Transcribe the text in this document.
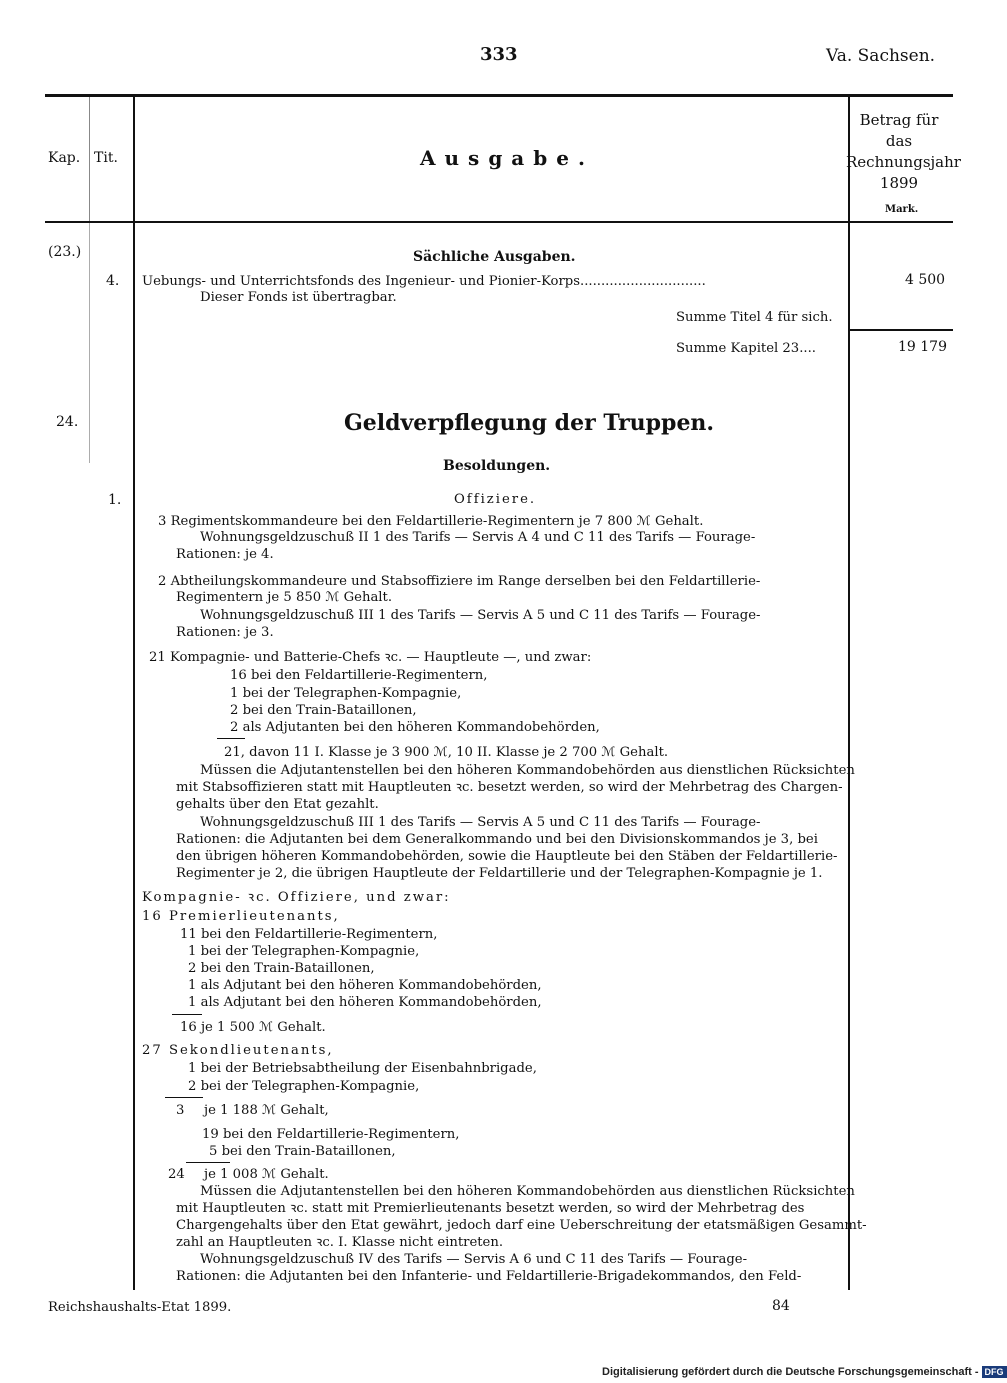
333	Va. Sachsen.
Kap. Tit.	Ausgabe.
Betrag für das Rechnungsjahr 1899
Mark.
(23.)	Sächliche Ausgaben.
4. Uebungs- und Unterrichtsfonds des Ingenieur- und Pionier-Korps..............................	4 500
Dieser Fonds ist übertragbar.
Summe Titel 4 für sich.
Summe Kapitel 23....	19 179
24.	Geldverpflegung der Truppen.
Besoldungen.
1.	Offiziere.
3 Regimentskommandeure bei den Feldartillerie-Regimentern je 7 800 ℳ Gehalt.
Wohnungsgeldzuschuß II 1 des Tarifs — Servis A 4 und C 11 des Tarifs — Fourage-
Rationen: je 4.
2 Abtheilungskommandeure und Stabsoffiziere im Range derselben bei den Feldartillerie-
Regimentern je 5 850 ℳ Gehalt.
Wohnungsgeldzuschuß III 1 des Tarifs — Servis A 5 und C 11 des Tarifs — Fourage-
Rationen: je 3.
21 Kompagnie- und Batterie-Chefs ꝛc. — Hauptleute —, und zwar:
16 bei den Feldartillerie-Regimentern,
1 bei der Telegraphen-Kompagnie,
2 bei den Train-Bataillonen,
2 als Adjutanten bei den höheren Kommandobehörden,
21, davon 11 I. Klasse je 3 900 ℳ, 10 II. Klasse je 2 700 ℳ Gehalt.
Müssen die Adjutantenstellen bei den höheren Kommandobehörden aus dienstlichen Rücksichten
mit Stabsoffizieren statt mit Hauptleuten ꝛc. besetzt werden, so wird der Mehrbetrag des Chargen-
gehalts über den Etat gezahlt.
Wohnungsgeldzuschuß III 1 des Tarifs — Servis A 5 und C 11 des Tarifs — Fourage-
Rationen: die Adjutanten bei dem Generalkommando und bei den Divisionskommandos je 3, bei
den übrigen höheren Kommandobehörden, sowie die Hauptleute bei den Stäben der Feldartillerie-
Regimenter je 2, die übrigen Hauptleute der Feldartillerie und der Telegraphen-Kompagnie je 1.
Kompagnie- ꝛc. Offiziere, und zwar:
16 Premierlieutenants,
11 bei den Feldartillerie-Regimentern,
1 bei der Telegraphen-Kompagnie,
2 bei den Train-Bataillonen,
1 als Adjutant bei den höheren Kommandobehörden,
1 als Adjutant bei den höheren Kommandobehörden,
16 je 1 500 ℳ Gehalt.
27 Sekondlieutenants,
1 bei der Betriebsabtheilung der Eisenbahnbrigade,
2 bei der Telegraphen-Kompagnie,
3 je 1 188 ℳ Gehalt,
19 bei den Feldartillerie-Regimentern,
5 bei den Train-Bataillonen,
24 je 1 008 ℳ Gehalt.
Müssen die Adjutantenstellen bei den höheren Kommandobehörden aus dienstlichen Rücksichten
mit Hauptleuten ꝛc. statt mit Premierlieutenants besetzt werden, so wird der Mehrbetrag des
Chargengehalts über den Etat gewährt, jedoch darf eine Ueberschreitung der etatsmäßigen Gesammt-
zahl an Hauptleuten ꝛc. I. Klasse nicht eintreten.
Wohnungsgeldzuschuß IV des Tarifs — Servis A 6 und C 11 des Tarifs — Fourage-
Rationen: die Adjutanten bei den Infanterie- und Feldartillerie-Brigadekommandos, den Feld-
Reichshaushalts-Etat 1899.	84
Digitalisierung gefördert durch die Deutsche Forschungsgemeinschaft - DFG
